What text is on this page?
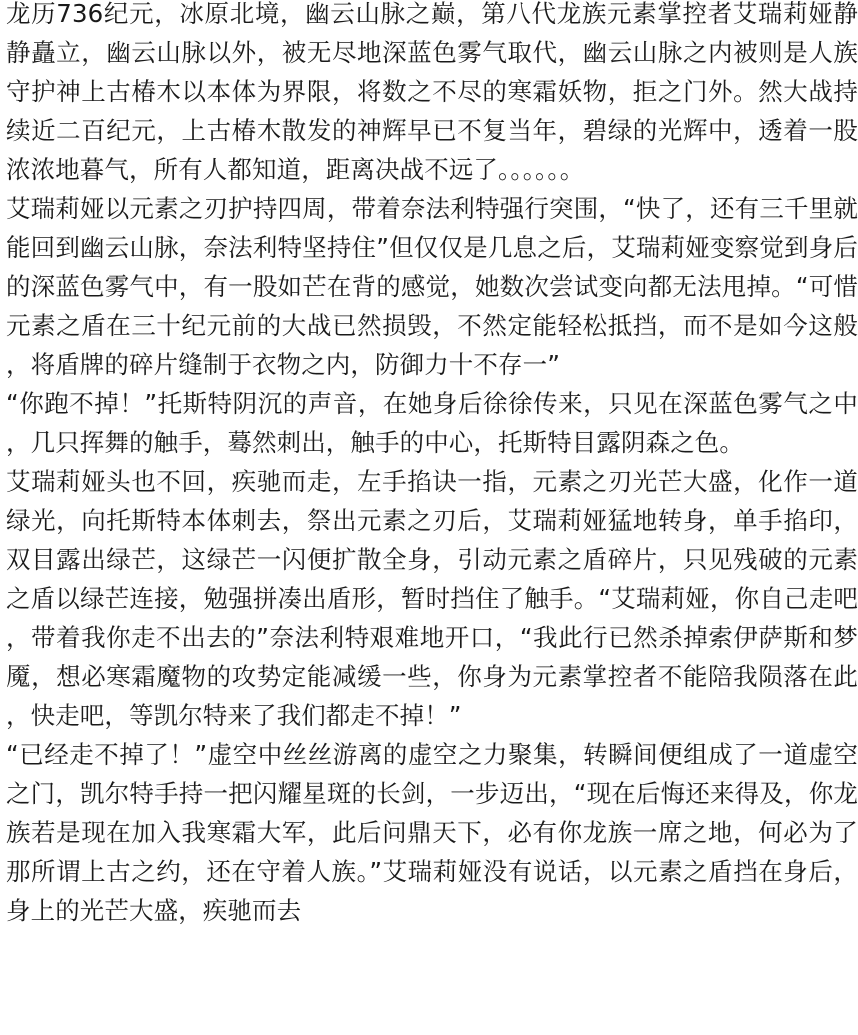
龙历736纪元，冰原北境，幽云山脉之巅，第八代龙族元素掌控者艾瑞莉娅静静矗立，幽云山脉以外，被无尽地深蓝色雾气取代，幽云山脉之内被则是人族守护神上古椿木以本体为界限，将数之不尽的寒霜妖物，拒之门外。然大战持续近二百纪元，上古椿木散发的神辉早已不复当年，碧绿的光辉中，透着一股浓浓地暮气，所有人都知道，距离决战不远了。。。。。。

艾瑞莉娅以元素之刃护持四周，带着奈法利特强行突围，“快了，还有三千里就能回到幽云山脉，奈法利特坚持住”但仅仅是几息之后，艾瑞莉娅变察觉到身后的深蓝色雾气中，有一股如芒在背的感觉，她数次尝试变向都无法甩掉。“可惜元素之盾在三十纪元前的大战已然损毁，不然定能轻松抵挡，而不是如今这般，将盾牌的碎片缝制于衣物之内，防御力十不存一”

“你跑不掉！”托斯特阴沉的声音，在她身后徐徐传来，只见在深蓝色雾气之中，几只挥舞的触手，蓦然刺出，触手的中心，托斯特目露阴森之色。

艾瑞莉娅头也不回，疾驰而走，左手掐诀一指，元素之刃光芒大盛，化作一道绿光，向托斯特本体刺去，祭出元素之刃后，艾瑞莉娅猛地转身，单手掐印，双目露出绿芒，这绿芒一闪便扩散全身，引动元素之盾碎片，只见残破的元素之盾以绿芒连接，勉强拼凑出盾形，暂时挡住了触手。“艾瑞莉娅，你自己走吧，带着我你走不出去的”奈法利特艰难地开口，“我此行已然杀掉索伊萨斯和梦魇，想必寒霜魔物的攻势定能减缓一些，你身为元素掌控者不能陪我陨落在此，快走吧，等凯尔特来了我们都走不掉！”

“已经走不掉了！”虚空中丝丝游离的虚空之力聚集，转瞬间便组成了一道虚空之门，凯尔特手持一把闪耀星斑的长剑，一步迈出，“现在后悔还来得及，你龙族若是现在加入我寒霜大军，此后问鼎天下，必有你龙族一席之地，何必为了那所谓上古之约，还在守着人族。”艾瑞莉娅没有说话，以元素之盾挡在身后，身上的光芒大盛，疾驰而去
